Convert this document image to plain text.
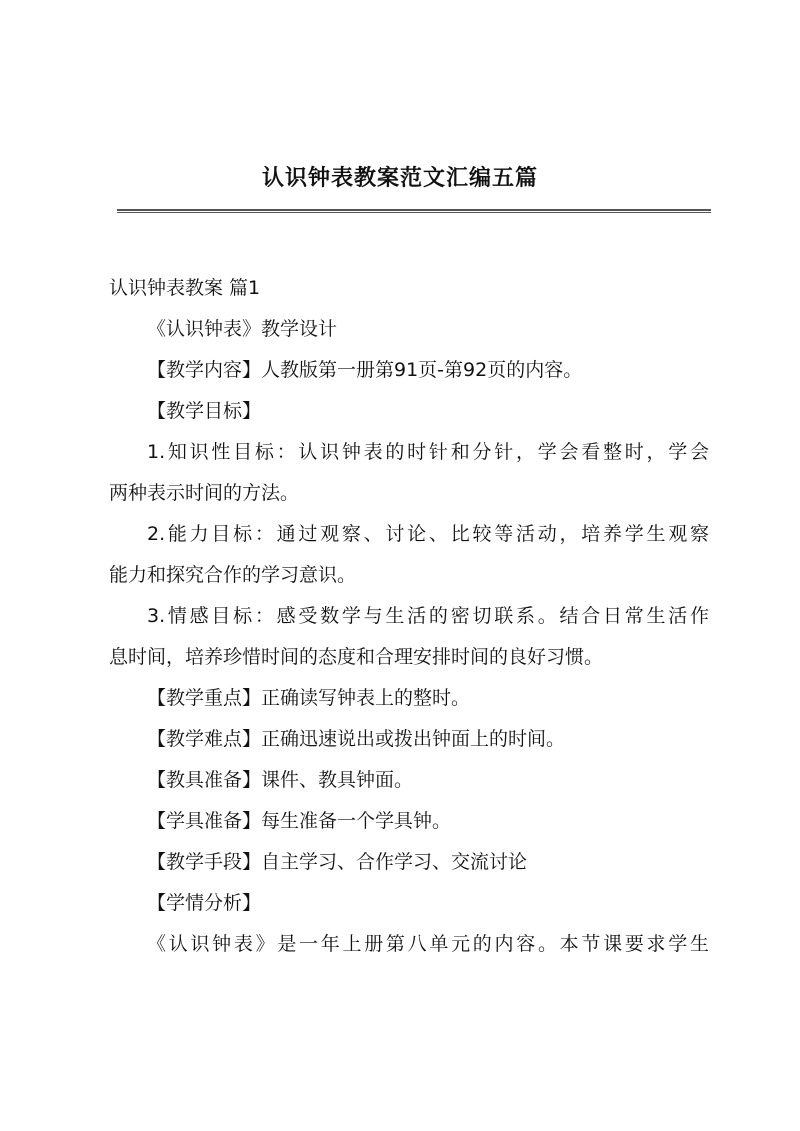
认识钟表教案范文汇编五篇
认识钟表教案 篇1
《认识钟表》教学设计
【教学内容】人教版第一册第91页-第92页的内容。
【教学目标】
1.知识性目标：认识钟表的时针和分针，学会看整时，学会
两种表示时间的方法。
2.能力目标：通过观察、讨论、比较等活动，培养学生观察
能力和探究合作的学习意识。
3.情感目标：感受数学与生活的密切联系。结合日常生活作
息时间，培养珍惜时间的态度和合理安排时间的良好习惯。
【教学重点】正确读写钟表上的整时。
【教学难点】正确迅速说出或拨出钟面上的时间。
【教具准备】课件、教具钟面。
【学具准备】每生准备一个学具钟。
【教学手段】自主学习、合作学习、交流讨论
【学情分析】
《认识钟表》是一年上册第八单元的内容。本节课要求学生
